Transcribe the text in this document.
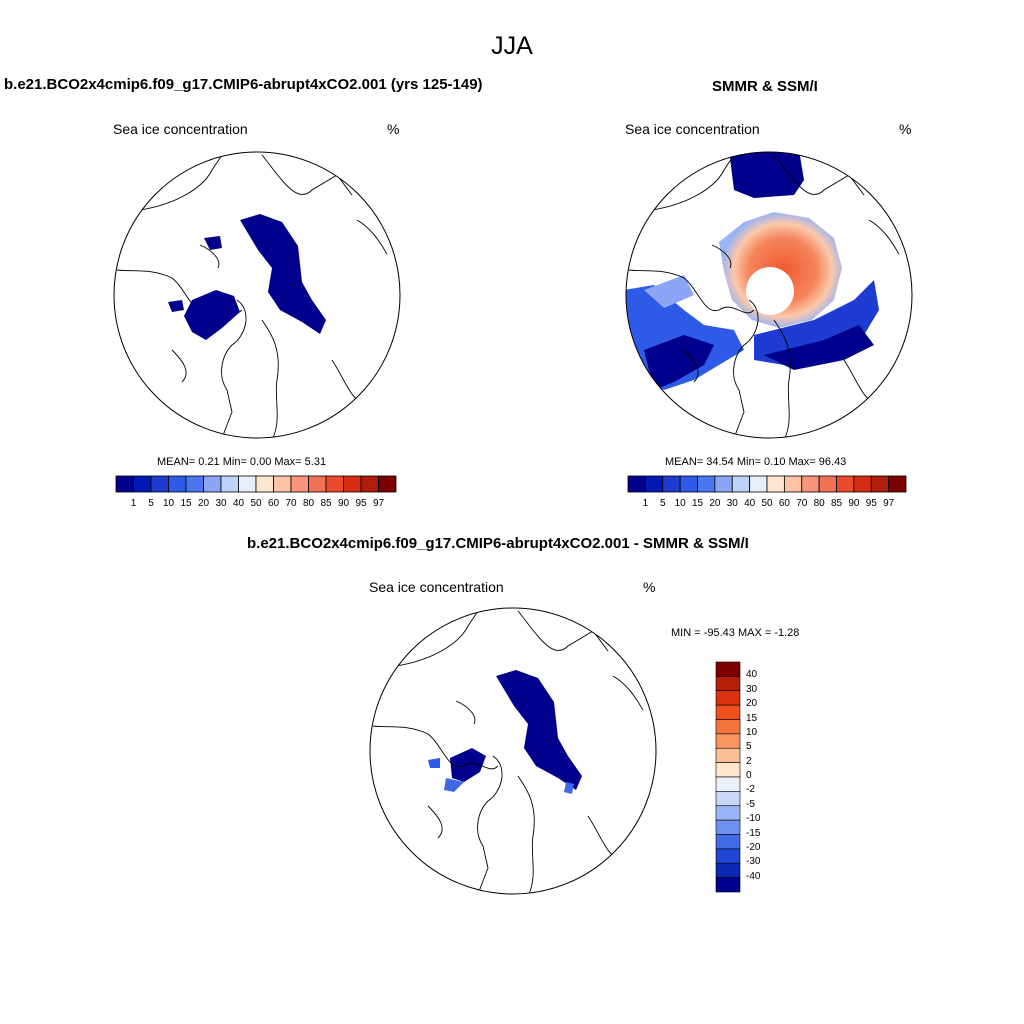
JJA
b.e21.BCO2x4cmip6.f09_g17.CMIP6-abrupt4xCO2.001 (yrs 125-149)
Sea ice concentration	%
MEAN= 0.21 Min= 0.00 Max= 5.31
1	5 10 15 20 30 40 50 60 70 80 85 90 95 97
SMMR & SSM/I
Sea ice concentration	%
MEAN= 34.54 Min= 0.10 Max= 96.43
1	5 10 15 20 30 40 50 60 70 80 85 90 95 97
b.e21.BCO2x4cmip6.f09_g17.CMIP6-abrupt4xCO2.001 - SMMR & SSM/I
Sea ice concentration	%
MIN = -95.43 MAX = -1.28
40
30
20
15
10
5
2
0
-2
-5
-10
-15
-20
-30
-40
